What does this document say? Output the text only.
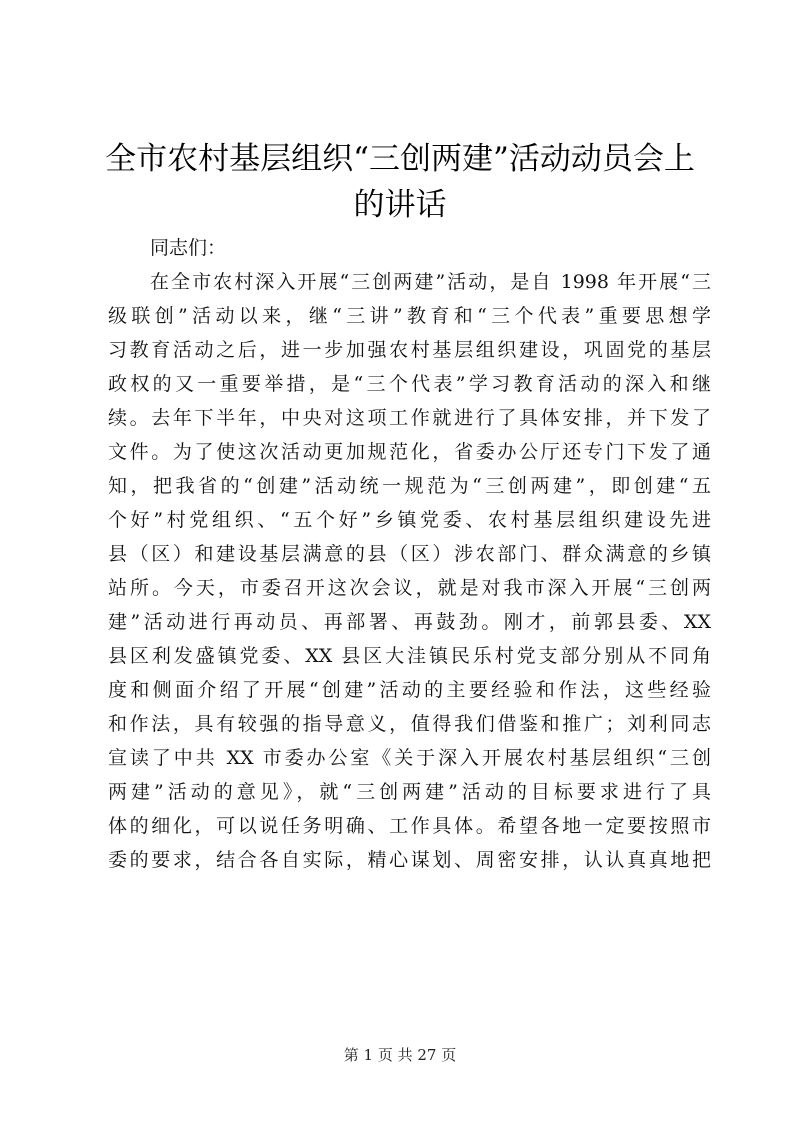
全市农村基层组织“三创两建”活动动员会上
的讲话

同志们：

在全市农村深入开展“三创两建”活动，是自 1998 年开展“三
级联创”活动以来，继“三讲”教育和“三个代表”重要思想学
习教育活动之后，进一步加强农村基层组织建设，巩固党的基层
政权的又一重要举措，是“三个代表”学习教育活动的深入和继
续。去年下半年，中央对这项工作就进行了具体安排，并下发了
文件。为了使这次活动更加规范化，省委办公厅还专门下发了通
知，把我省的“创建”活动统一规范为“三创两建”，即创建“五
个好”村党组织、“五个好”乡镇党委、农村基层组织建设先进
县（区）和建设基层满意的县（区）涉农部门、群众满意的乡镇
站所。今天，市委召开这次会议，就是对我市深入开展“三创两
建”活动进行再动员、再部署、再鼓劲。刚才，前郭县委、XX
县区利发盛镇党委、XX 县区大洼镇民乐村党支部分别从不同角
度和侧面介绍了开展“创建”活动的主要经验和作法，这些经验
和作法，具有较强的指导意义，值得我们借鉴和推广；刘利同志
宣读了中共 XX 市委办公室《关于深入开展农村基层组织“三创
两建”活动的意见》，就“三创两建”活动的目标要求进行了具
体的细化，可以说任务明确、工作具体。希望各地一定要按照市
委的要求，结合各自实际，精心谋划、周密安排，认认真真地把

第 1 页 共 27 页
